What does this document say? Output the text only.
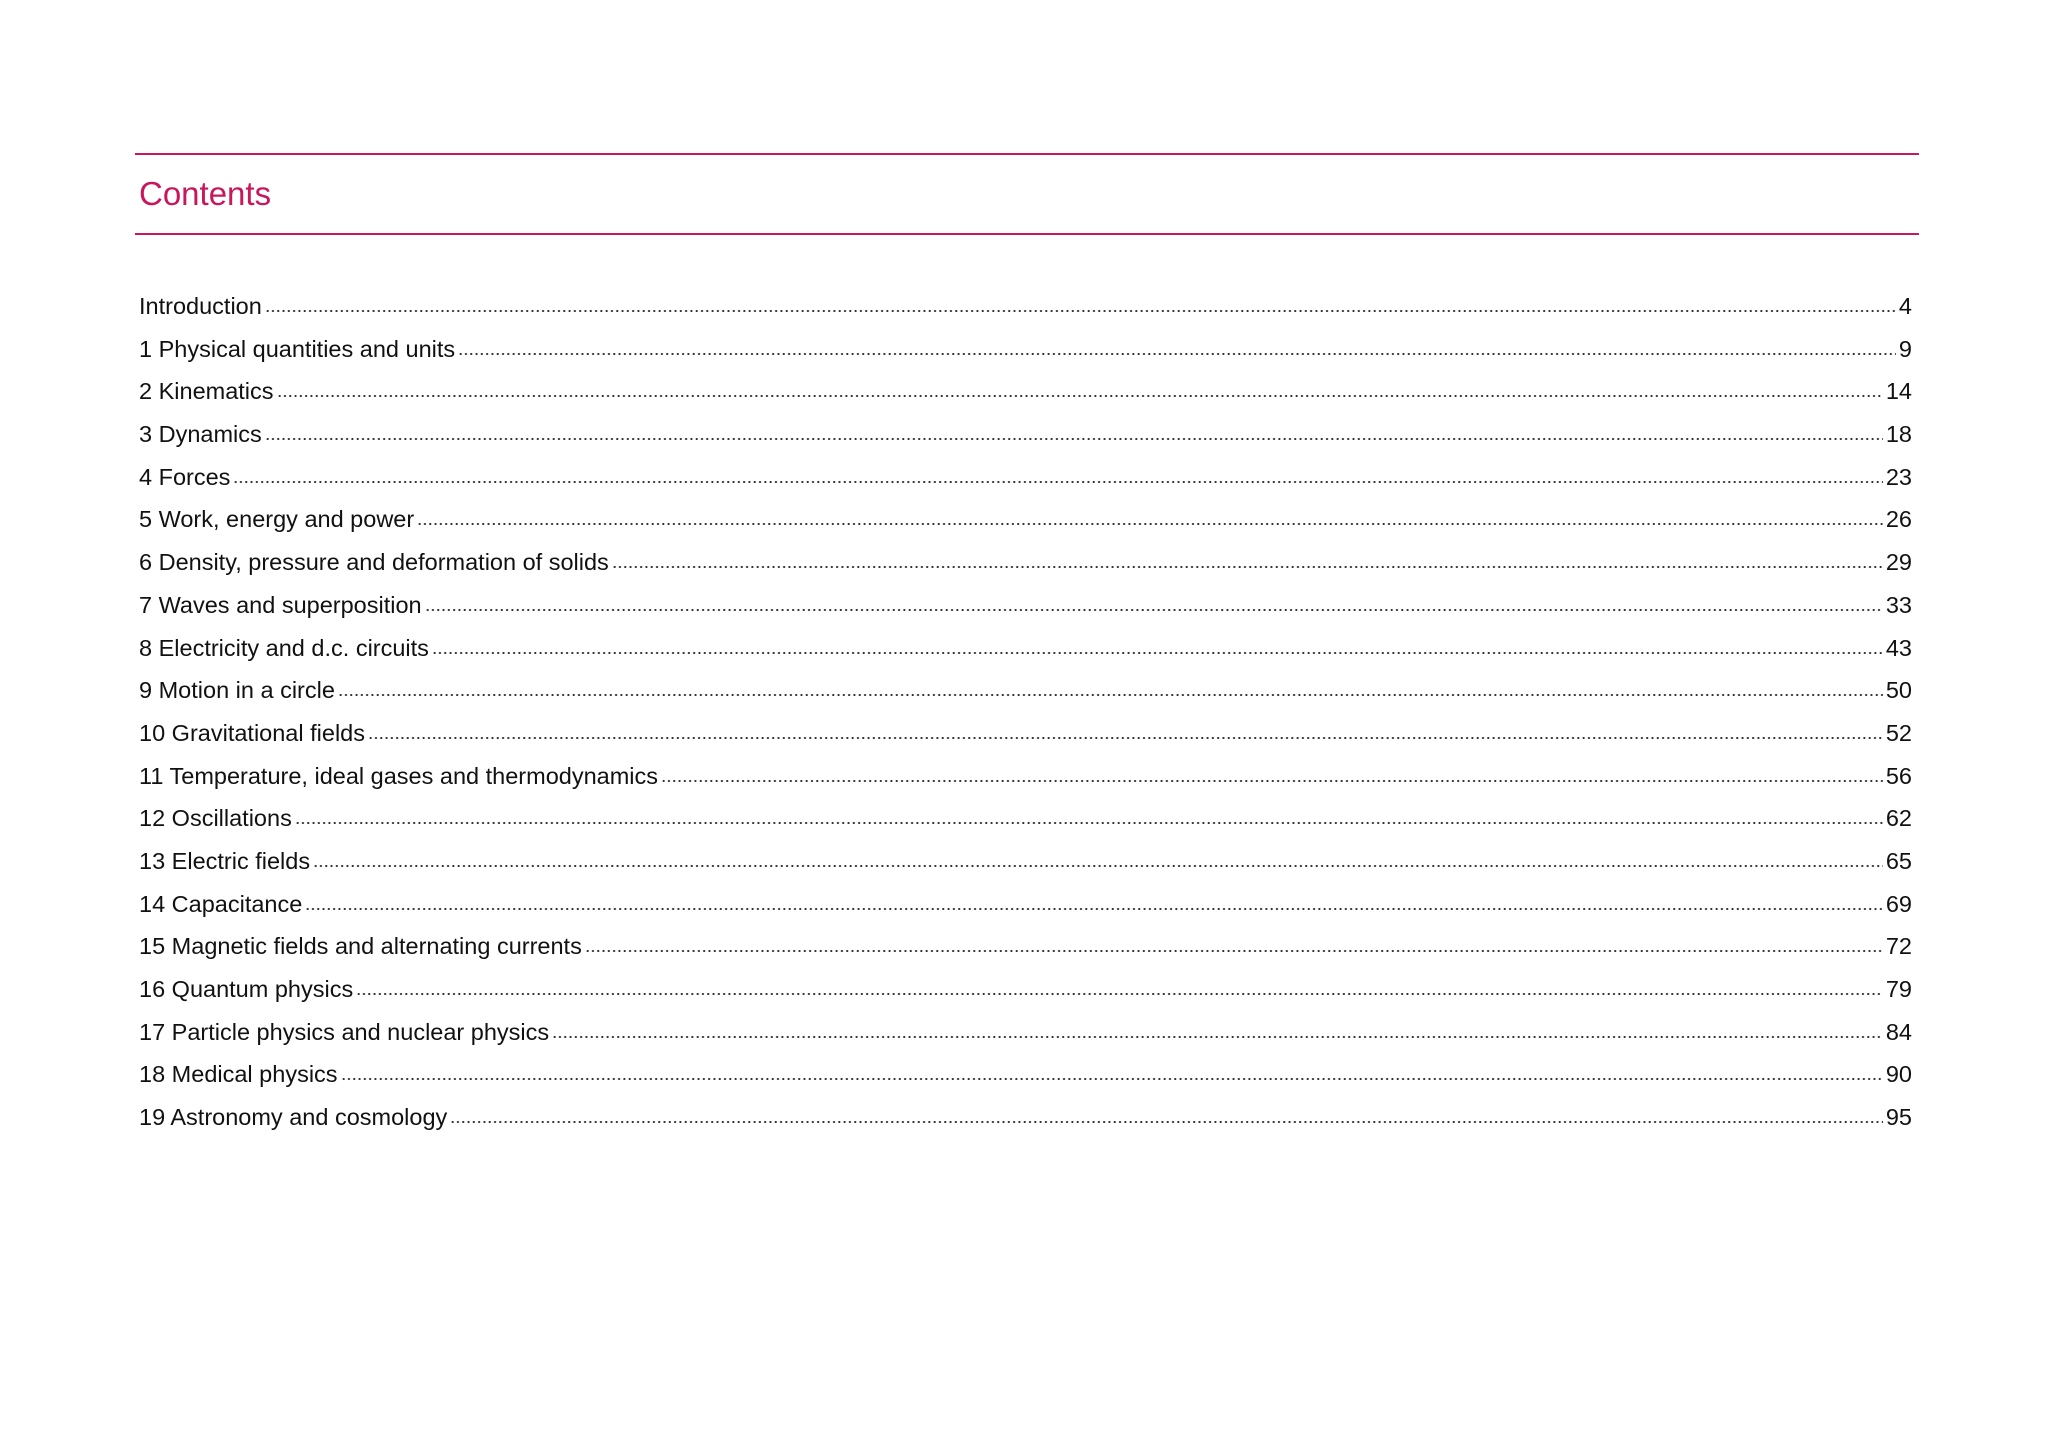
Contents
Introduction	4
1 Physical quantities and units	9
2 Kinematics	14
3 Dynamics	18
4 Forces	23
5 Work, energy and power	26
6 Density, pressure and deformation of solids	29
7 Waves and superposition	33
8 Electricity and d.c. circuits	43
9 Motion in a circle	50
10 Gravitational fields	52
11 Temperature, ideal gases and thermodynamics	56
12 Oscillations	62
13 Electric fields	65
14 Capacitance	69
15 Magnetic fields and alternating currents	72
16 Quantum physics	79
17 Particle physics and nuclear physics	84
18 Medical physics	90
19 Astronomy and cosmology	95
